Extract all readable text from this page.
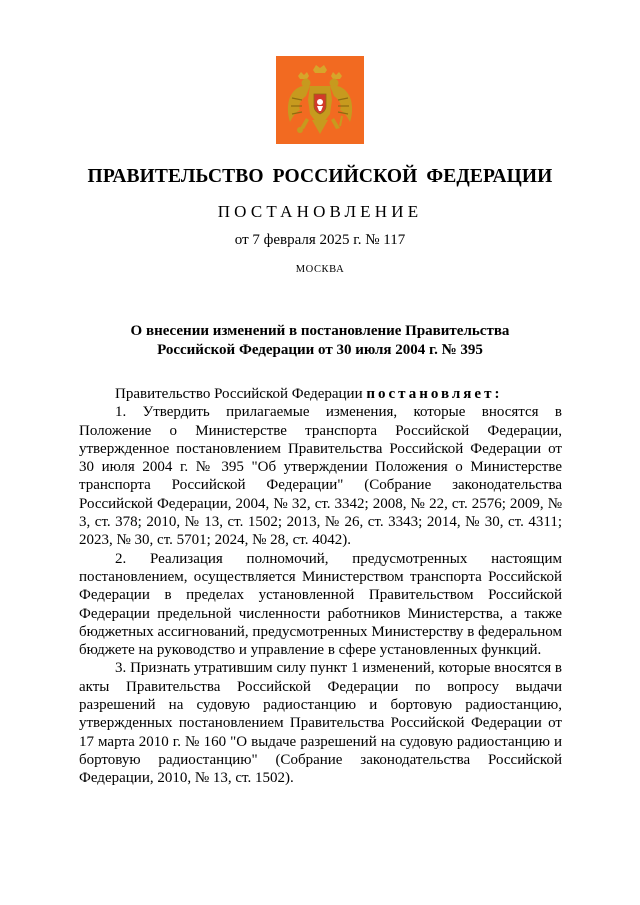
ПРАВИТЕЛЬСТВО РОССИЙСКОЙ ФЕДЕРАЦИИ
ПОСТАНОВЛЕНИЕ
от 7 февраля 2025 г. № 117
МОСКВА
О внесении изменений в постановление Правительства
Российской Федерации от 30 июля 2004 г. № 395

Правительство Российской Федерации постановляет:

1. Утвердить прилагаемые изменения, которые вносятся в Положение о Министерстве транспорта Российской Федерации, утвержденное постановлением Правительства Российской Федерации от 30 июля 2004 г. № 395 "Об утверждении Положения о Министерстве транспорта Российской Федерации" (Собрание законодательства Российской Федерации, 2004, № 32, ст. 3342; 2008, № 22, ст. 2576; 2009, № 3, ст. 378; 2010, № 13, ст. 1502; 2013, № 26, ст. 3343; 2014, № 30, ст. 4311; 2023, № 30, ст. 5701; 2024, № 28, ст. 4042).

2. Реализация полномочий, предусмотренных настоящим постановлением, осуществляется Министерством транспорта Российской Федерации в пределах установленной Правительством Российской Федерации предельной численности работников Министерства, а также бюджетных ассигнований, предусмотренных Министерству в федеральном бюджете на руководство и управление в сфере установленных функций.

3. Признать утратившим силу пункт 1 изменений, которые вносятся в акты Правительства Российской Федерации по вопросу выдачи разрешений на судовую радиостанцию и бортовую радиостанцию, утвержденных постановлением Правительства Российской Федерации от 17 марта 2010 г. № 160 "О выдаче разрешений на судовую радиостанцию и бортовую радиостанцию" (Собрание законодательства Российской Федерации, 2010, № 13, ст. 1502).
